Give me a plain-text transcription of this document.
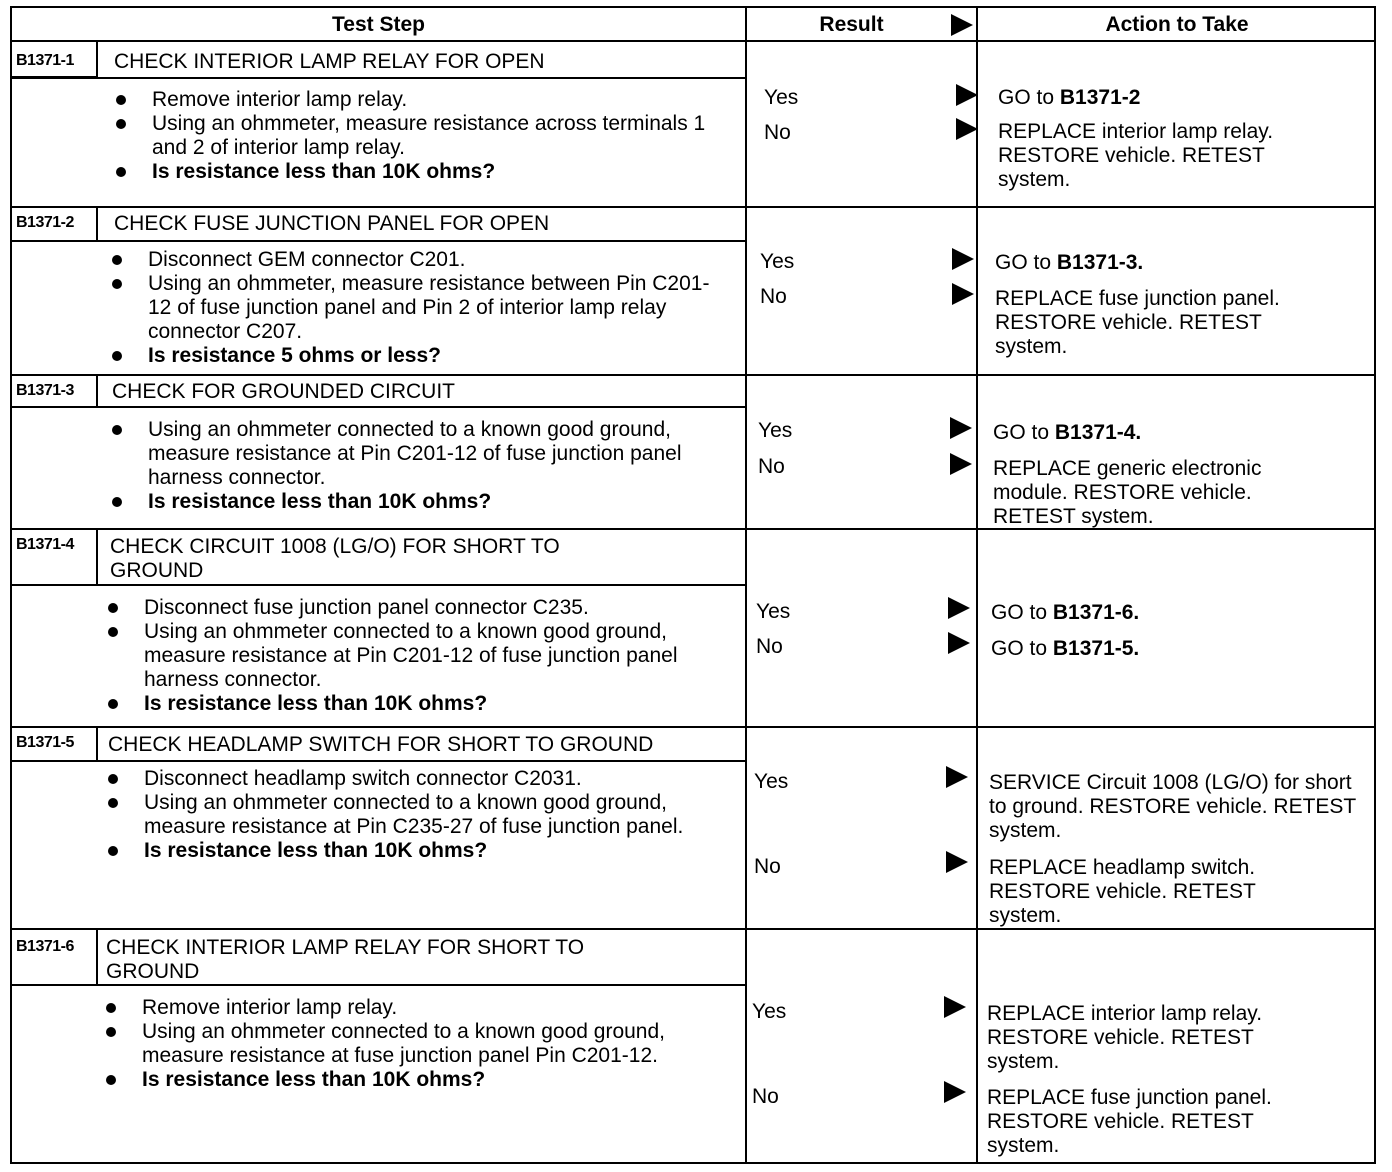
Test Step	Result	Action to Take
B1371-1 CHECK INTERIOR LAMP RELAY FOR OPEN
Remove interior lamp relay.
Using an ohmmeter, measure resistance across terminals 1 and 2 of interior lamp relay.
Is resistance less than 10K ohms?
Yes
No
GO to B1371-2
REPLACE interior lamp relay. RESTORE vehicle. RETEST system.
B1371-2 CHECK FUSE JUNCTION PANEL FOR OPEN
Disconnect GEM connector C201.
Using an ohmmeter, measure resistance between Pin C201-12 of fuse junction panel and Pin 2 of interior lamp relay connector C207.
Is resistance 5 ohms or less?
Yes
No
GO to B1371-3.
REPLACE fuse junction panel. RESTORE vehicle. RETEST system.
B1371-3 CHECK FOR GROUNDED CIRCUIT
Using an ohmmeter connected to a known good ground, measure resistance at Pin C201-12 of fuse junction panel harness connector.
Is resistance less than 10K ohms?
Yes
No
GO to B1371-4.
REPLACE generic electronic module. RESTORE vehicle. RETEST system.
B1371-4 CHECK CIRCUIT 1008 (LG/O) FOR SHORT TO GROUND
Disconnect fuse junction panel connector C235.
Using an ohmmeter connected to a known good ground, measure resistance at Pin C201-12 of fuse junction panel harness connector.
Is resistance less than 10K ohms?
Yes
No
GO to B1371-6.
GO to B1371-5.
B1371-5 CHECK HEADLAMP SWITCH FOR SHORT TO GROUND
Disconnect headlamp switch connector C2031.
Using an ohmmeter connected to a known good ground, measure resistance at Pin C235-27 of fuse junction panel.
Is resistance less than 10K ohms?
Yes
No
SERVICE Circuit 1008 (LG/O) for short to ground. RESTORE vehicle. RETEST system.
REPLACE headlamp switch. RESTORE vehicle. RETEST system.
B1371-6 CHECK INTERIOR LAMP RELAY FOR SHORT TO GROUND
Remove interior lamp relay.
Using an ohmmeter connected to a known good ground, measure resistance at fuse junction panel Pin C201-12.
Is resistance less than 10K ohms?
Yes
No
REPLACE interior lamp relay. RESTORE vehicle. RETEST system.
REPLACE fuse junction panel. RESTORE vehicle. RETEST system.
